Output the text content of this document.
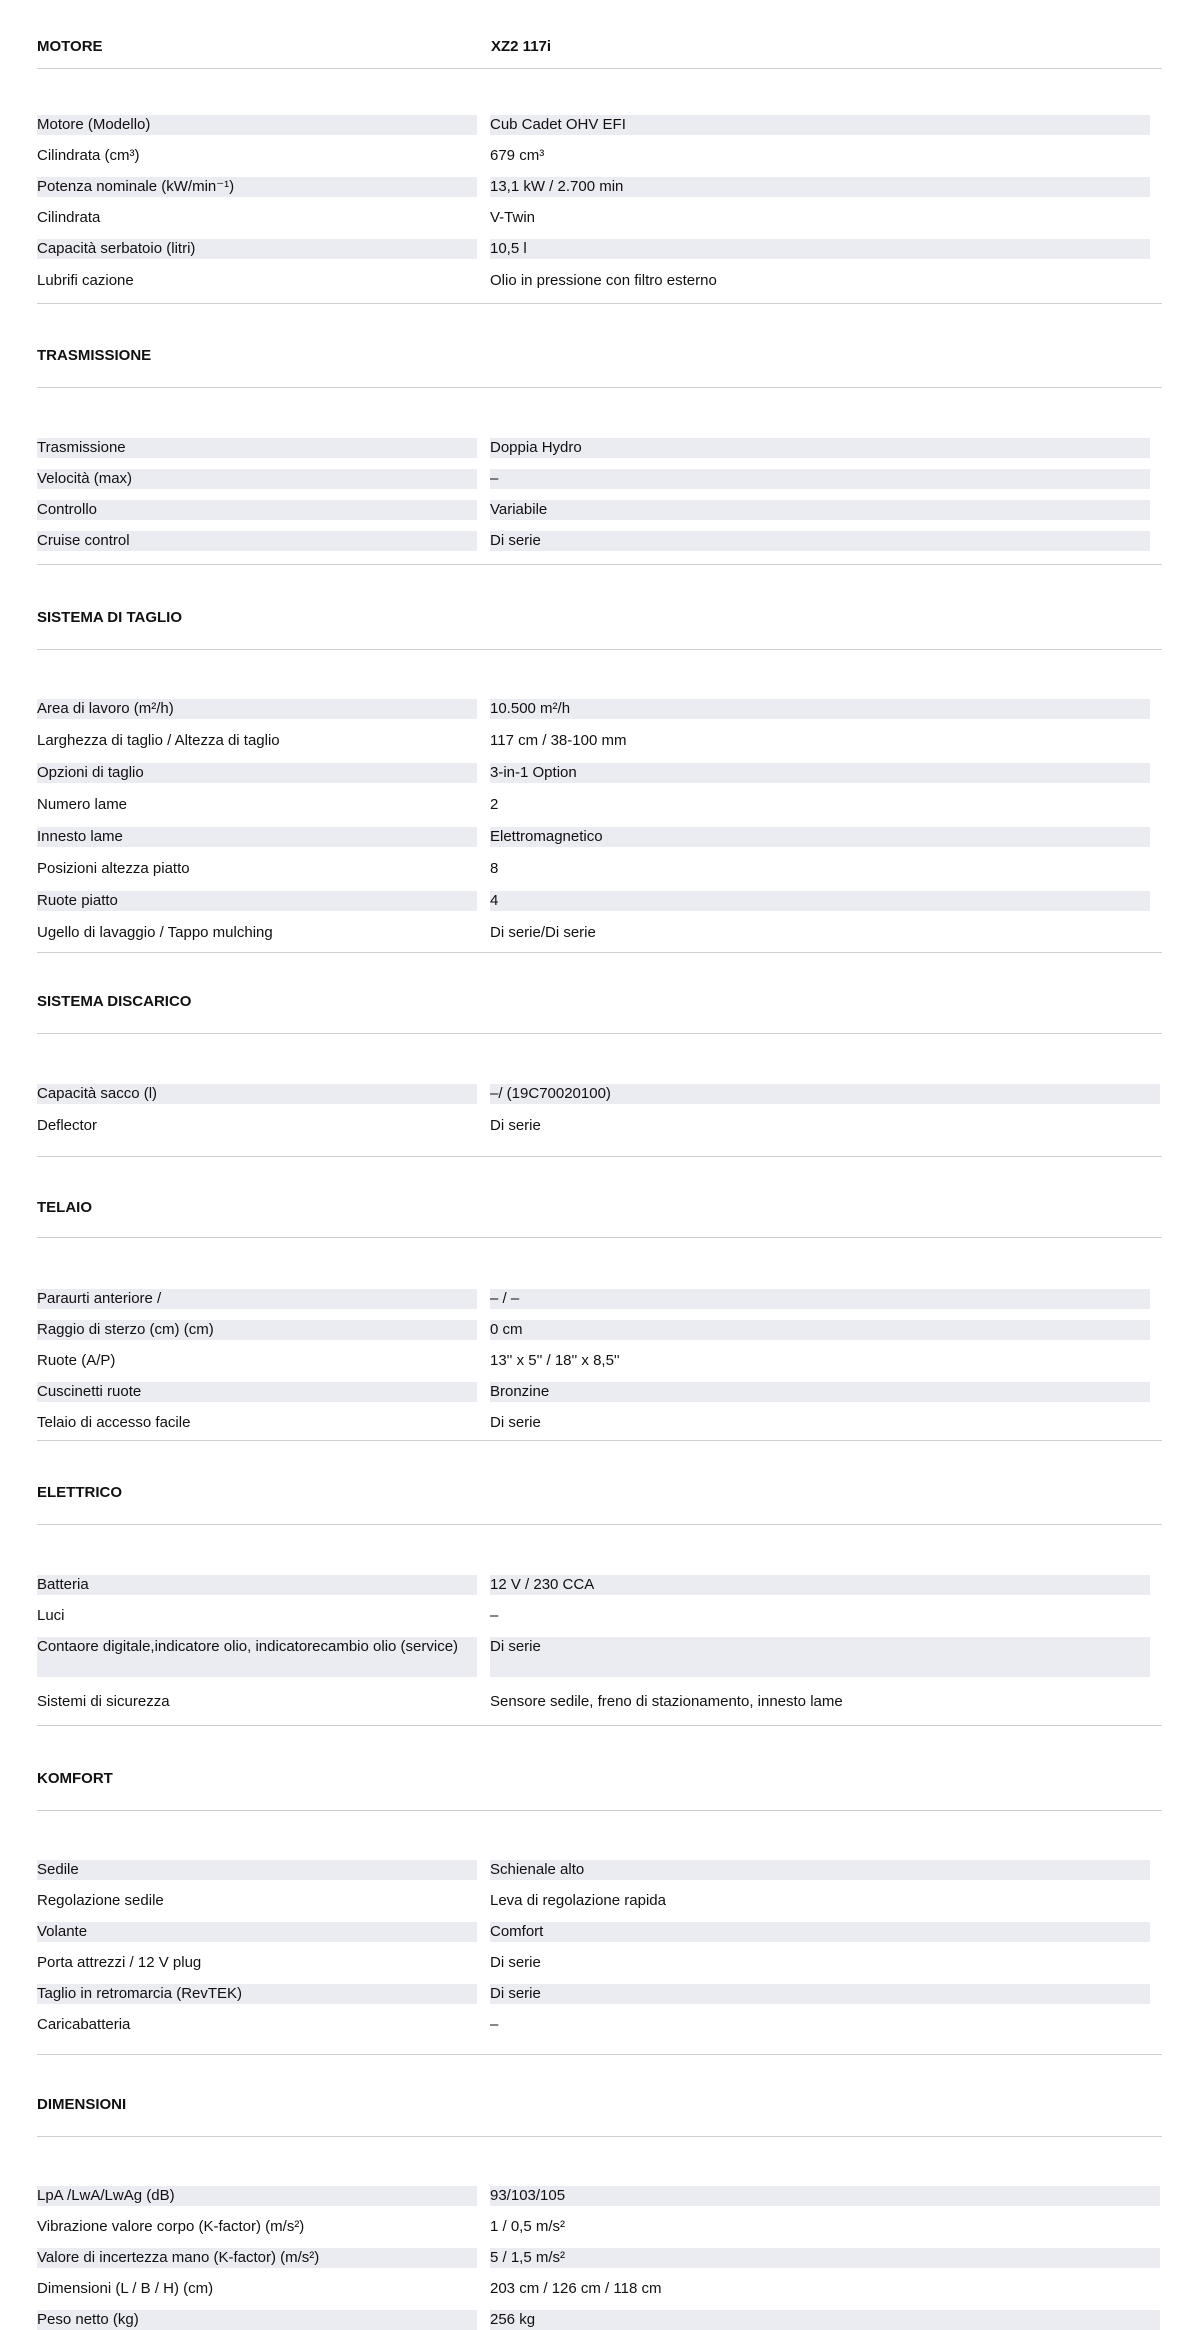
MOTORE	XZ2 117i
Motore (Modello)	Cub Cadet OHV EFI
Cilindrata (cm³)	679 cm³
Potenza nominale (kW/min⁻¹)	13,1 kW / 2.700 min
Cilindrata	V-Twin
Capacità serbatoio (litri)	10,5 l
Lubrifi cazione	Olio in pressione con filtro esterno
TRASMISSIONE
Trasmissione	Doppia Hydro
Velocità (max)	–
Controllo	Variabile
Cruise control	Di serie
SISTEMA DI TAGLIO
Area di lavoro (m²/h)	10.500 m²/h
Larghezza di taglio / Altezza di taglio	117 cm / 38-100 mm
Opzioni di taglio	3-in-1 Option
Numero lame	2
Innesto lame	Elettromagnetico
Posizioni altezza piatto	8
Ruote piatto	4
Ugello di lavaggio / Tappo mulching	Di serie/Di serie
SISTEMA DISCARICO
Capacità sacco (l)	–/ (19C70020100)
Deflector	Di serie
TELAIO
Paraurti anteriore /	– / –
Raggio di sterzo (cm) (cm)	0 cm
Ruote (A/P)	13'' x 5'' / 18'' x 8,5''
Cuscinetti ruote	Bronzine
Telaio di accesso facile	Di serie
ELETTRICO
Batteria	12 V / 230 CCA
Luci	–
Contaore digitale,indicatore olio, indicatorecambio olio (service)	Di serie
Sistemi di sicurezza	Sensore sedile, freno di stazionamento, innesto lame
KOMFORT
Sedile	Schienale alto
Regolazione sedile	Leva di regolazione rapida
Volante	Comfort
Porta attrezzi / 12 V plug	Di serie
Taglio in retromarcia (RevTEK)	Di serie
Caricabatteria	–
DIMENSIONI
LpA /LwA/LwAg (dB)	93/103/105
Vibrazione valore corpo (K-factor) (m/s²)	1 / 0,5 m/s²
Valore di incertezza mano (K-factor) (m/s²)	5 / 1,5 m/s²
Dimensioni (L / B / H) (cm)	203 cm / 126 cm / 118 cm
Peso netto (kg)	256 kg
